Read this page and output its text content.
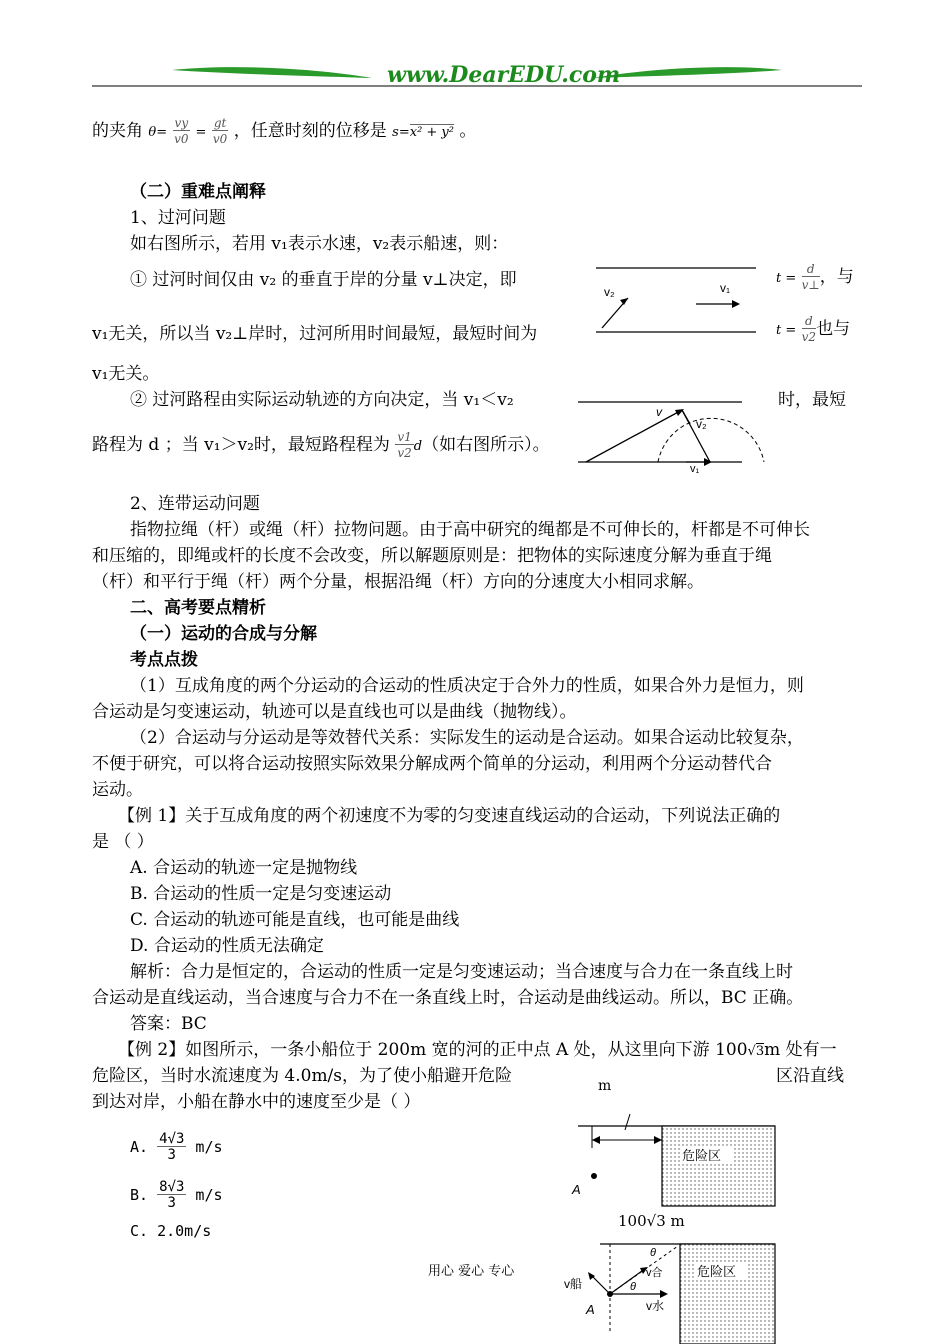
www.DearEDU.com
的夹角 $\theta= \frac{vy}{v0} = \frac{gt}{v0}$ ，任意时刻的位移是 s=x² + y² 。
（二）重难点阐释
1、过河问题
如右图所示，若用 v₁表示水速，v₂表示船速，则：
① 过河时间仅由 v₂ 的垂直于岸的分量 v⊥决定，即	$t = \frac{d}{v\perp}$ ，与
v₁无关，所以当 v₂⊥岸时，过河所用时间最短，最短时间为	$t = \frac{d}{v2}$ 也与
v₁无关。
v₂	v₁
② 过河路程由实际运动轨迹的方向决定，当 v₁＜v₂	时，最短
路程为 d ；当 v₁＞v₂时，最短路程程为 $\frac{v1}{v2} d$（如右图所示）。
v
v₂
v₁
2、连带运动问题
指物拉绳（杆）或绳（杆）拉物问题。由于高中研究的绳都是不可伸长的，杆都是不可伸长
和压缩的，即绳或杆的长度不会改变，所以解题原则是：把物体的实际速度分解为垂直于绳
（杆）和平行于绳（杆）两个分量，根据沿绳（杆）方向的分速度大小相同求解。
二、高考要点精析
（一）运动的合成与分解
考点点拨
（1）互成角度的两个分运动的合运动的性质决定于合外力的性质，如果合外力是恒力，则
合运动是匀变速运动，轨迹可以是直线也可以是曲线（抛物线）。
（2）合运动与分运动是等效替代关系：实际发生的运动是合运动。如果合运动比较复杂，
不便于研究，可以将合运动按照实际效果分解成两个简单的分运动，利用两个分运动替代合
运动。
【例 1】关于互成角度的两个初速度不为零的匀变速直线运动的合运动，下列说法正确的
是 （ ）
A. 合运动的轨迹一定是抛物线
B. 合运动的性质一定是匀变速运动
C. 合运动的轨迹可能是直线，也可能是曲线
D. 合运动的性质无法确定
解析：合力是恒定的，合运动的性质一定是匀变速运动；当合速度与合力在一条直线上时
合运动是直线运动，当合速度与合力不在一条直线上时，合运动是曲线运动。所以，BC 正确。
答案：BC
【例 2】如图所示，一条小船位于 200m 宽的河的正中点 A 处，从这里向下游 100√3m 处有一
危险区，当时水流速度为 4.0m/s，为了使小船避开危险	区沿直线
m
到达对岸，小船在静水中的速度至少是（ ）
A. $\frac{4√3}{3} m/s$
B. $\frac{8√3}{3} m/s$
C. 2.0m/s
危险区
A
100√3 m
危险区
θ
v船
v合
θ
v水
A
用心 爱心 专心
